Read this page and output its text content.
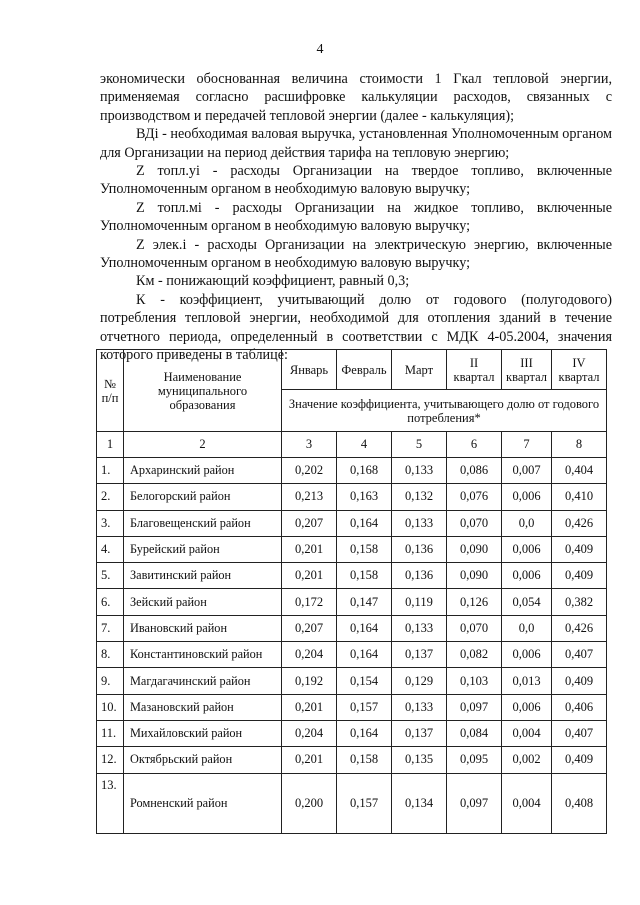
4

экономически обоснованная величина стоимости 1 Гкал тепловой энергии, применяемая согласно расшифровке калькуляции расходов, связанных с производством и передачей тепловой энергии (далее - калькуляция);

ВДi - необходимая валовая выручка, установленная Уполномоченным органом для Организации на период действия тарифа на тепловую энергию;

Z топл.уi - расходы Организации на твердое топливо, включенные Уполномоченным органом в необходимую валовую выручку;

Z топл.мi - расходы Организации на жидкое топливо, включенные Уполномоченным органом в необходимую валовую выручку;

Z элек.i - расходы Организации на электрическую энергию, включенные Уполномоченным органом в необходимую валовую выручку;

Км - понижающий коэффициент, равный 0,3;

К - коэффициент, учитывающий долю от годового (полугодового) потребления тепловой энергии, необходимой для отопления зданий в течение отчетного периода, определенный в соответствии с МДК 4-05.2004, значения которого приведены в таблице:

№ п/п	Наименование муниципального образования	Январь	Февраль	Март	II квартал	III квартал	IV квартал
		Значение коэффициента, учитывающего долю от годового потребления*					
1	2	3	4	5	6	7	8
1.	Архаринский район	0,202	0,168	0,133	0,086	0,007	0,404
2.	Белогорский район	0,213	0,163	0,132	0,076	0,006	0,410
3.	Благовещенский район	0,207	0,164	0,133	0,070	0,0	0,426
4.	Бурейский район	0,201	0,158	0,136	0,090	0,006	0,409
5.	Завитинский район	0,201	0,158	0,136	0,090	0,006	0,409
6.	Зейский район	0,172	0,147	0,119	0,126	0,054	0,382
7.	Ивановский район	0,207	0,164	0,133	0,070	0,0	0,426
8.	Константиновский район	0,204	0,164	0,137	0,082	0,006	0,407
9.	Магдагачинский район	0,192	0,154	0,129	0,103	0,013	0,409
10.	Мазановский район	0,201	0,157	0,133	0,097	0,006	0,406
11.	Михайловский район	0,204	0,164	0,137	0,084	0,004	0,407
12.	Октябрьский район	0,201	0,158	0,135	0,095	0,002	0,409
13.	Ромненский район	0,200	0,157	0,134	0,097	0,004	0,408
